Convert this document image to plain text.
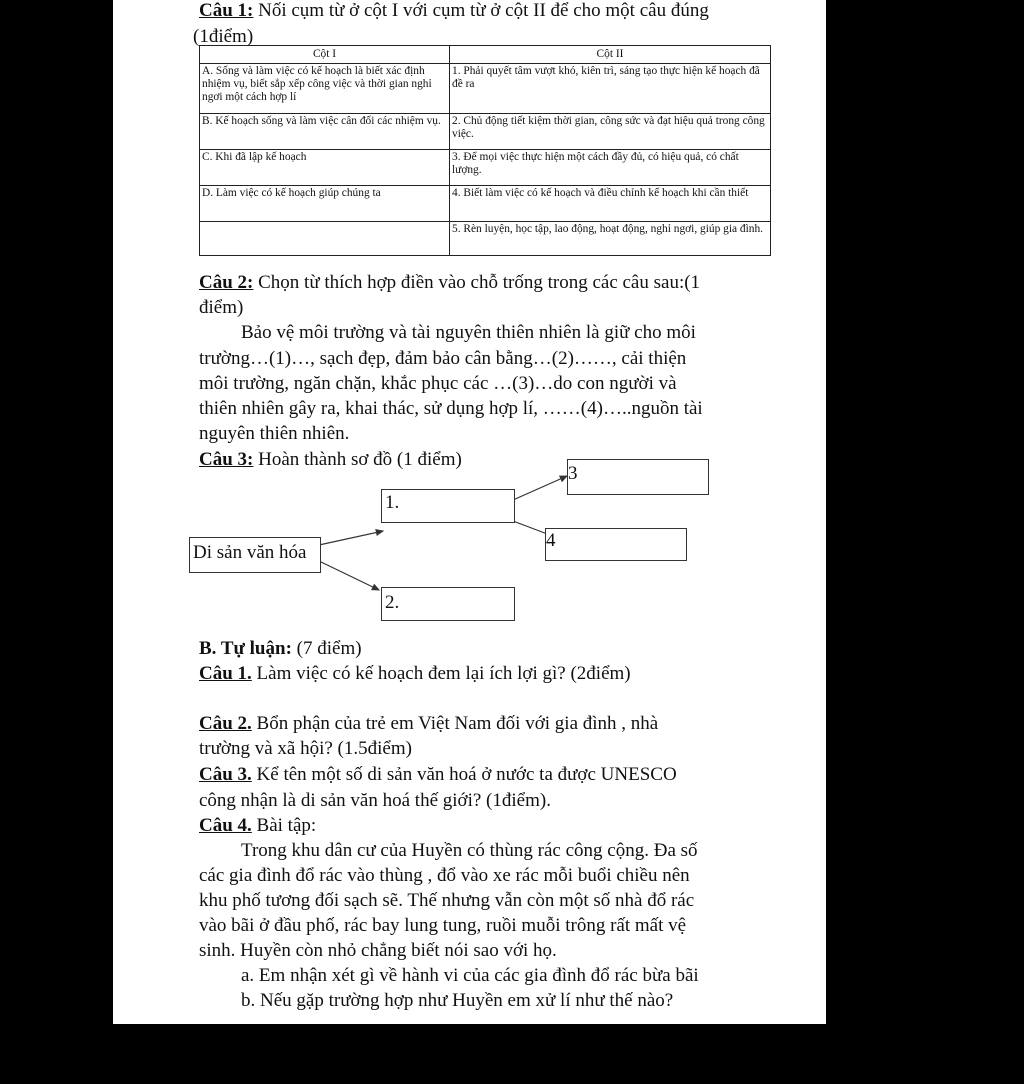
Câu 1: Nối cụm từ ở cột I với cụm từ ở cột II để cho một câu đúng
(1điểm)
Cột I	Cột II
A. Sống và làm việc có kế hoạch là biết xác định nhiệm vụ, biết sắp xếp công việc và thời gian nghỉ ngơi một cách hợp lí	1. Phải quyết tâm vượt khó, kiên trì, sáng tạo thực hiện kế hoạch đã đề ra
B. Kế hoạch sống và làm việc cân đối các nhiệm vụ.	2. Chủ động tiết kiệm thời gian, công sức và đạt hiệu quả trong công việc.
C. Khi đã lập kế hoạch	3. Để mọi việc thực hiện một cách đầy đủ, có hiệu quả, có chất lượng.
D. Làm việc có kế hoạch giúp chúng ta	4. Biết làm việc có kế hoạch và điều chỉnh kế hoạch khi cần thiết
	5. Rèn luyện, học tập, lao động, hoạt động, nghỉ ngơi, giúp gia đình.
Câu 2: Chọn từ thích hợp điền vào chỗ trống trong các câu sau:(1
điểm)
Bảo vệ môi trường và tài nguyên thiên nhiên là giữ cho môi
trường…(1)…, sạch đẹp, đảm bảo cân bằng…(2)……, cải thiện
môi trường, ngăn chặn, khắc phục các …(3)…do con người và
thiên nhiên gây ra, khai thác, sử dụng hợp lí, ……(4)…..nguồn tài
nguyên thiên nhiên.
Câu 3: Hoàn thành sơ đồ (1 điểm)
Di sản văn hóa
1.
2.
3
4
B. Tự luận: (7 điểm)
Câu 1. Làm việc có kế hoạch đem lại ích lợi gì? (2điểm)
Câu 2. Bổn phận của trẻ em Việt Nam đối với gia đình , nhà
trường và xã hội? (1.5điểm)
Câu 3. Kể tên một số di sản văn hoá ở nước ta được UNESCO
công nhận là di sản văn hoá thế giới? (1điểm).
Câu 4. Bài tập:
Trong khu dân cư của Huyền có thùng rác công cộng. Đa số
các gia đình đổ rác vào thùng , đổ vào xe rác mỗi buổi chiều nên
khu phố tương đối sạch sẽ. Thế nhưng vẫn còn một số nhà đổ rác
vào bãi ở đầu phố, rác bay lung tung, ruồi muỗi trông rất mất vệ
sinh. Huyền còn nhỏ chẳng biết nói sao với họ.
a. Em nhận xét gì về hành vi của các gia đình đổ rác bừa bãi
b. Nếu gặp trường hợp như Huyền em xử lí như thế nào?
